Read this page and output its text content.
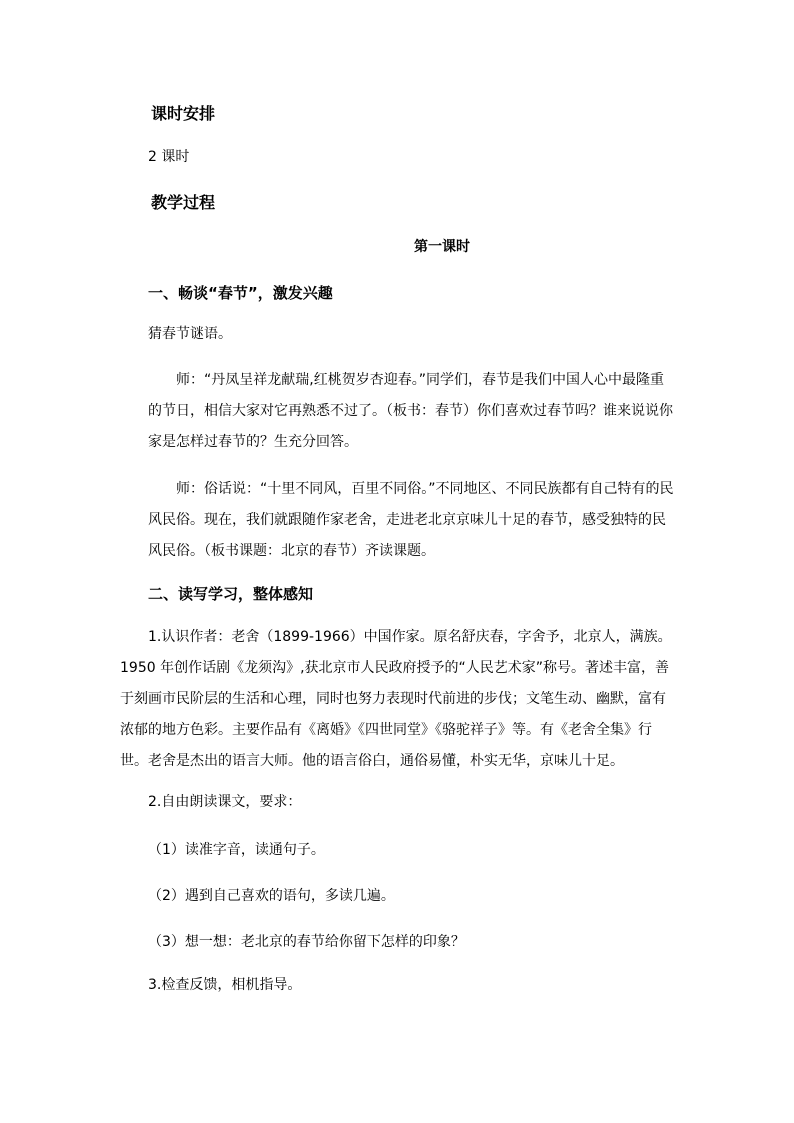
课时安排
2 课时
教学过程
第一课时
一、畅谈“春节”，激发兴趣
猜春节谜语。
师：“丹凤呈祥龙献瑞,红桃贺岁杏迎春。”同学们，春节是我们中国人心中最隆重的节日，相信大家对它再熟悉不过了。（板书：春节）你们喜欢过春节吗？谁来说说你家是怎样过春节的？生充分回答。
师：俗话说：“十里不同风，百里不同俗。”不同地区、不同民族都有自己特有的民风民俗。现在，我们就跟随作家老舍，走进老北京京味儿十足的春节，感受独特的民风民俗。（板书课题：北京的春节）齐读课题。
二、读写学习，整体感知
1.认识作者：老舍（1899-1966）中国作家。原名舒庆春，字舍予，北京人，满族。1950 年创作话剧《龙须沟》,获北京市人民政府授予的“人民艺术家”称号。著述丰富，善于刻画市民阶层的生活和心理，同时也努力表现时代前进的步伐；文笔生动、幽默，富有浓郁的地方色彩。主要作品有《离婚》《四世同堂》《骆驼祥子》等。有《老舍全集》行世。老舍是杰出的语言大师。他的语言俗白，通俗易懂，朴实无华，京味儿十足。
2.自由朗读课文，要求：
（1）读准字音，读通句子。
（2）遇到自己喜欢的语句，多读几遍。
（3）想一想：老北京的春节给你留下怎样的印象？
3.检查反馈，相机指导。
